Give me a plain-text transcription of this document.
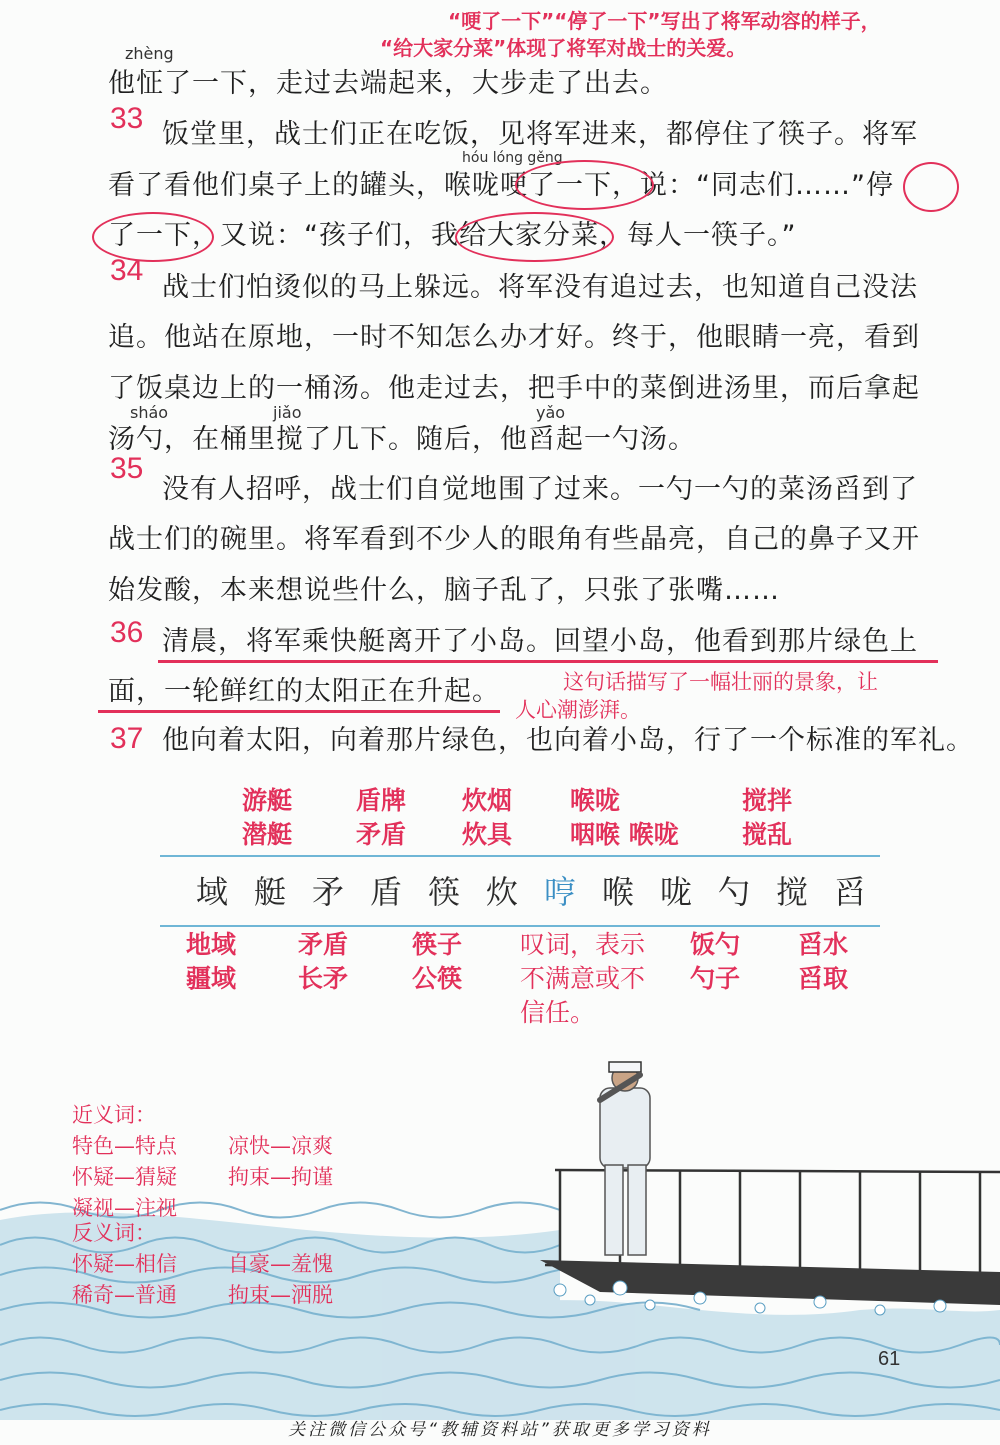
“哽了一下”“停了一下”写出了将军动容的样子，
“给大家分菜”体现了将军对战士的关爱。
zhèng
hóu lóng gěng
sháo	jiǎo	yǎo
33
34
35
36
37
他怔了一下，走过去端起来，大步走了出去。
饭堂里，战士们正在吃饭，见将军进来，都停住了筷子。将军
看了看他们桌子上的罐头，喉咙哽了一下，说：“同志们……”停
了一下，又说：“孩子们，我给大家分菜，每人一筷子。”
战士们怕烫似的马上躲远。将军没有追过去，也知道自己没法
追。他站在原地，一时不知怎么办才好。终于，他眼睛一亮，看到
了饭桌边上的一桶汤。他走过去，把手中的菜倒进汤里，而后拿起
汤勺，在桶里搅了几下。随后，他舀起一勺汤。
没有人招呼，战士们自觉地围了过来。一勺一勺的菜汤舀到了
战士们的碗里。将军看到不少人的眼角有些晶亮，自己的鼻子又开
始发酸，本来想说些什么，脑子乱了，只张了张嘴……
清晨，将军乘快艇离开了小岛。回望小岛，他看到那片绿色上
面，一轮鲜红的太阳正在升起。
他向着太阳，向着那片绿色，也向着小岛，行了一个标准的军礼。
这句话描写了一幅壮丽的景象，让
人心潮澎湃。
游艇
潜艇
盾牌
矛盾
炊烟
炊具
喉咙
咽喉 喉咙
搅拌
搅乱
域 艇 矛 盾 筷 炊 哼 喉 咙 勺 搅 舀
地域
疆域
矛盾
长矛
筷子
公筷
叹词，表示
不满意或不
信任。
饭勺
勺子
舀水
舀取
近义词：
特色—特点 凉快—凉爽
怀疑—猜疑 拘束—拘谨
凝视—注视
反义词：
怀疑—相信 自豪—羞愧
稀奇—普通 拘束—洒脱
61
关注微信公众号“教辅资料站”获取更多学习资料
